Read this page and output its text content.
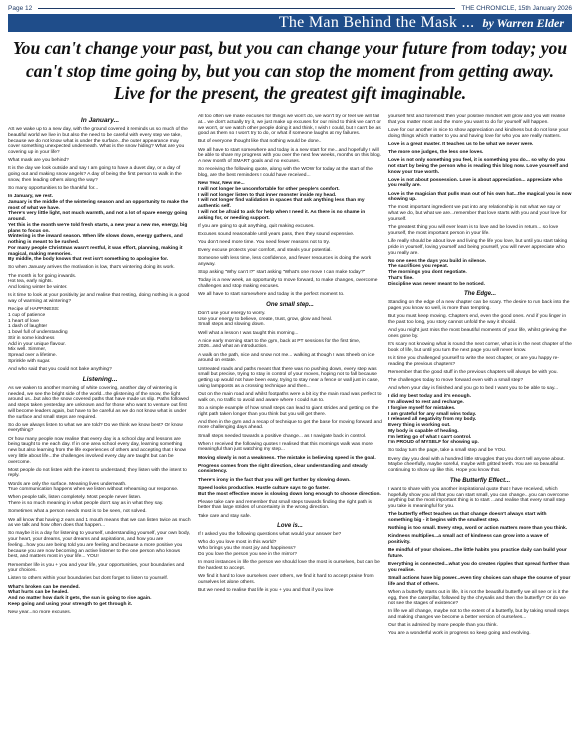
Page 12	THE CHRONICLE, 15th January 2026
The Man Behind the Mask ... by Warren Elder
You can't change your past, but you can change your future from today; you can't stop time going by, but you can stop the moment from getting away. Live for the present, the greatest gift imaginable.
In January...

AS we wake up to a new day, with the ground covered it reminds us so much of the beautiful world we live in but also the need to be careful with every step we take, because we do not know what is under the surface...the outer appearance may cover something unexpected underneath. What is the snow hiding? What are you covering up in your life?

What mask are you behind?

It is the day we look outside and say I am going to have a duvet day, or a day of going out and making snow angels? A day of being the first person to walk in the snow, then leading others along the way?

So many opportunities to be thankful for...

In January, we rest.
January is the middle of the wintering season and an opportunity to make the most of what we have.
There's very little light, not much warmth, and not a lot of spare energy going around.
Yet this is the month we're told fresh starts, a new year a new me, energy, big plans to focus on.
Wintering is the inward season. When life slows down, energy gathers, and nothing is meant to be rushed.
For many people Christmas wasn't restful, it was effort, planning, making it magical, making memories.

By middle, the body knows that rest isn't something to apologise for.

So when January arrives the motivation is low, that's wintering doing its work.

The month is for going inwards.
Hot tea, early nights.

And losing winter be winter.

Is it time to look at your positivity jar and realise that resting, doing nothing is a good way of warming at wintering?

Recipe of HAPPINESS:
1 cup of patience
1 heart of love
1 dash of laughter
1 bowl full of understanding
Stir in some kindness
Add in your unique flavour.
Mix well. Simmer,
Spread over a lifetime.
Sprinkle with sugar.

And who said that you could not bake anything?

Listening...

As we waken to another morning of white covering, another day of wintering is needed, we see the bright side of the world...the glistening of the snow, the light around us...but also the snow covered paths that have made us slip. Paths followed and steps taken yesterday are unknown and for those who want to venture out first will become leaders again, but have to be careful as we do not know what is under the surface and small steps are required.

So do we always listen to what we are told? Do we think we know best? Or know everything?

Or how many people now realise that every day is a school day and lessons are being taught to me each day. If in one area school every day, learning something new but also learning from the life experiences of others and accepting that I know very little about life...the challenges involved every day are taught but can be overcome.

Most people do not listen with the intent to understand; they listen with the intent to reply.

Words are only the surface. Meaning lives underneath.

True communication happens when we listen without rehearsing our response.

When people talk, listen completely. Most people never listen.

There is so much meaning in what people don't say as in what they say.

Sometimes what a person needs most is to be seen, not solved.

We all know that having 2 ears and 1 mouth means that we can listen twice as much as we talk and how often does that happen...

So maybe it is a day for listening to yourself, understanding yourself, your own body, your heart, your dreams, your dreams and aspirations, and how you are feeling...how you are being told you are feeling and because a more positive you because you are now becoming an active listener to the one person who knows best, and matters most in your life... YOU!

Remember life is you + you and your life, your opportunities, your boundaries and your choices.

Listen to others within your boundaries but dont forget to listen to yourself.

What's broken can be mended.
What hurts can be healed.
And no matter how dark it gets, the sun is going to rise again.

Keep going and using your strength to get through it.

New year...no more excuses.

All too often we make excuses for things we won't do, we won't try or feel we will fail at... we don't actually try it, we just make up excuses for our mind to think we can't or we won't, or we watch other people doing it and think, I wish I could, but I can't be as good as them so I won't try to do, or what if someone laughs at my failures.

But of everyone thought like that nothing would be done..

We all have to start somewhere and today is a new start for me...and hopefully I will be able to share my progress with you over the next few weeks, months on this blog. A new month of SMART goals and no excuses.

So receiving the following quote, along with the WOW for today at the start of the blog, are the best reminders I could have received...

New Year, New me...
I will not longer be uncomfortable for other people's comfort.
I will not longer listen to that inner monster inside my head.
I will not longer find validation in spaces that ask anything less than my authentic self.

I will not be afraid to ask for help when I need it. As there is no shame in asking for, or needing support.

If you are going to quit anything, quit making excuses.

Excuses sound reasonable until years pass, then they sound expensive.

You don't need more time. You need fewer reasons not to try.

Every excuse protects your comfort, and steals your potential.

Someone with less time, less confidence, and fewer resources is doing the work anyway.

Stop asking "Why can't I?" start asking "What's one move I can make today?"

Today is a new week, an opportunity to move forward, to make changes, overcome challenges and stop making excuses.

We all have to start somewhere and today is the perfect moment to.

One small step...
Don't use your energy to worry.
Use your energy to believe, create, trust, grow, glow and heal.

Small steps and slowing down.

Well what a lesson I was taught this morning...

A nice early morning start to the gym, back at PT sessions for the first time, 2026...and what an introduction.

A walk on the path, nice and snow not me... walking at though I was Sheeb on ice around on estate.

Untreated roads and paths meant that there was no pushing down, every step was small but precise, trying to stay in control of your moves, hoping not to fall because getting up would not have been easy, trying to stay near a fence or wall just in case, using lampposts as a crossing technique and then...

Out on the main road and whilst footpaths were a bit icy the main road was perfect to walk on, no traffic to avoid and aware where I could run to.

So a simple example of how small steps can lead to giant strides and getting on the right path taken longer than you think but you will get there.

And then in the gym and a recap of technique to get the base for moving forward and more challenging days ahead.

Small steps needed towards a positive change... as I navigate back in control.

When I received the following quotes I realised that this mornings walk was more meaningful than just watching my step...

Moving slowly is not a weakness. The mistake is believing speed is the goal.

Progress comes from the right direction, clear understanding and steady consistency.

There's irony in the fact that you will get further by slowing down.

Speed looks productive. Hustle culture says to go faster.

But the most effective move is slowing down long enough to choose direction.

Please take care and remember that small steps towards finding the right path is better than large strides of uncertainty in the wrong direction.

Take care and stay safe.

Love is...

If I asked you the following questions what would your answer be?

Who do you love most in this world?
Who brings you the most joy and happiness?

Do you love the person you see in the mirror?

In most instances in life the person we should love the most is ourselves, but can be the hardest to accept.

We find it hard to love ourselves over others, we find it hard to accept praise from ourselves let alone others.

But we need to realise that life is you + you and that if you love

yourself first and foremost then your positive mindset will grow and you will realise that you matter most and the more you want to do for yourself will happen.

Love for our another in nice to show appreciation and kindness but do not lose your doing things which matter to you and having love for who you are really matters.

Love is a great master. It teaches us to be what we never were.

The more one judges, the less one loves.

Love is not only something you feel, it is something you do... so why do you not start by being the person who is reading this blog now. Love yourself and know your true worth.

Love is not about possession. Love is about appreciation... appreciate who you really are.

Love is the magician that pulls man out of his own hat...the magical you is now showing up.

The most important ingredient we put into any relationship is not what we say or what we do, but what we are...remember that love starts with you and your love for yourself.

The greatest thing you will ever learn is to love and be loved in return... so love yourself, the most important person in your life.

Life really should be about love and living the life you love, but until you start taking pride in yourself, loving yourself and being yourself, you will never appreciate who you really are.

No one sees the days you build in silence.
The sacrifices you repeat.
The mornings you dont negotiate.
That's fine.

Discipline was never meant to be noticed.

The Edge...

Standing on the edge of a new chapter can be scary. The desire to run back into the pages you know so well, is more than tempting.

But you must keep moving. Chapters end, even the good ones. And if you linger in the past too long, you story cannot unfold the way it should.

And you might just miss the most beautiful moments of your life, whilst grieving the ones gone by.

It's scary not knowing what is round the next corner, what is in the next chapter of the book of life, but until you turn the next page you will never know.

Is it time you challenged yourself to write the next chapter, or are you happy re-reading the previous chapters?

Remember that the good stuff in the previous chapters will always be with you.

The challenges today to move forward even with a small step?

And when your day is finished and you go to bed I want you to be able to say...

I did my best today and it's enough.
I'm allowed to rest and recharge.
I forgive myself for mistakes.
I am grateful for any small wins today.
I released all negativity from my body.
Every thing is working out.
My body is capable of healing.
I'm letting go of what I can't control.

I'm PROUD of MYSELF for showing up.

So today turn the page, take a small step and be YOU.

Every day you deal with a hundred little struggles that you don't tell anyone about. Maybe cheerfully, maybe soreful, maybe with gritted teeth. You are so beautiful continuing to show up like this. Hope you know that.

The Butterfly Effect...

I want to share with you another inspirational quote that I have received, which hopefully show you all that you can start small, you can change...you can overcome anything but the most important thing is to start ...and realise that every small step you take is meaningful for you.

The butterfly effect teaches us that change doesn't always start with something big - it begins with the smallest step.

Nothing is too small. Every step, word or action matters more than you think.

Kindness multiplies...a small act of kindness can grow into a wave of positivity.

Be mindful of your choices...the little habits you practice daily can build your future.

Everything is connected...what you do creates ripples that spread further than you realise.

Small actions have big power...even tiny choices can shape the course of your life and that of others.

When a butterfly starts out in life, it is not the beautiful butterfly we all see or is it the egg, then the caterpillar, followed by the chrysalis and then the butterfly? Or do we not see the stages of existence?

In life we all change, maybe not to the extent of a butterfly, but by taking small steps and making changes we become a better version of ourselves...

Our that is admired by more people than you think.

You are a wonderful work in progress so keep going and evolving.
